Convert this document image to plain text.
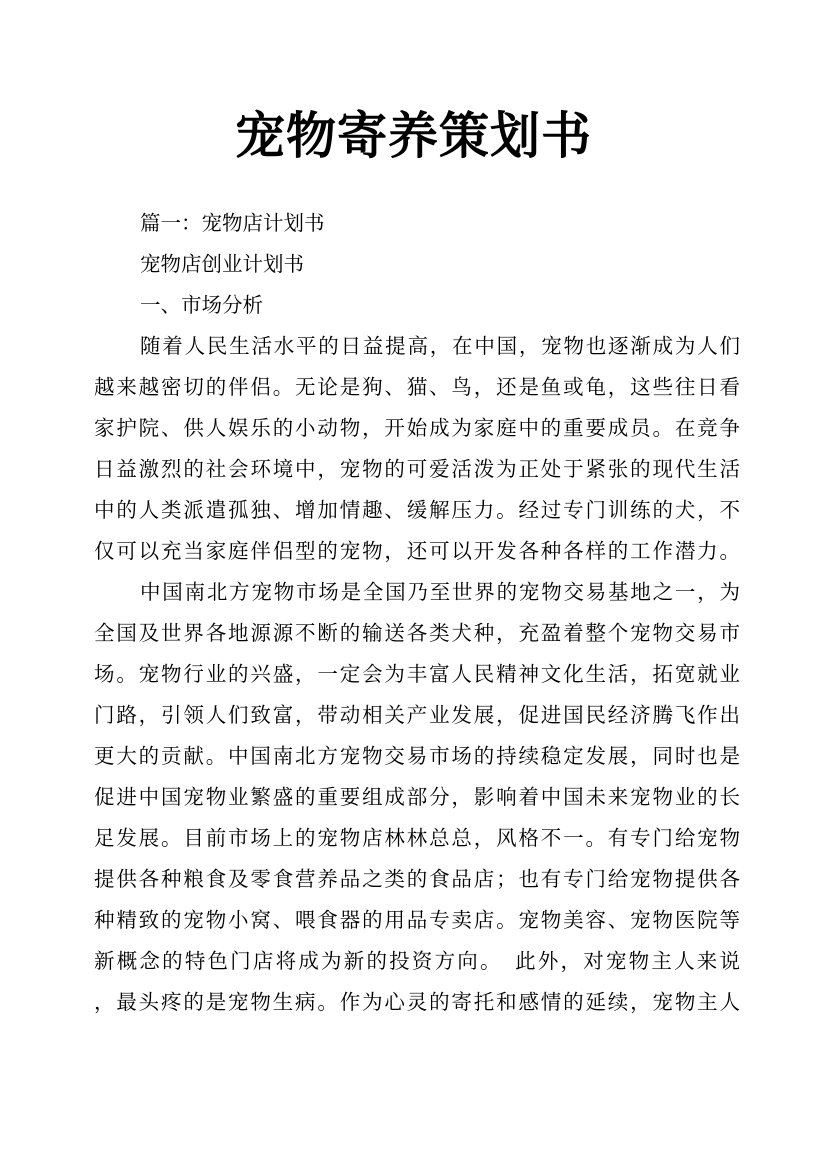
宠物寄养策划书
篇一：宠物店计划书
宠物店创业计划书
一、市场分析
随着人民生活水平的日益提高，在中国，宠物也逐渐成为人们
越来越密切的伴侣。无论是狗、猫、鸟，还是鱼或龟，这些往日看
家护院、供人娱乐的小动物，开始成为家庭中的重要成员。在竞争
日益激烈的社会环境中，宠物的可爱活泼为正处于紧张的现代生活
中的人类派遣孤独、增加情趣、缓解压力。经过专门训练的犬，不
仅可以充当家庭伴侣型的宠物，还可以开发各种各样的工作潜力。
中国南北方宠物市场是全国乃至世界的宠物交易基地之一，为
全国及世界各地源源不断的输送各类犬种，充盈着整个宠物交易市
场。宠物行业的兴盛，一定会为丰富人民精神文化生活，拓宽就业
门路，引领人们致富，带动相关产业发展，促进国民经济腾飞作出
更大的贡献。中国南北方宠物交易市场的持续稳定发展，同时也是
促进中国宠物业繁盛的重要组成部分，影响着中国未来宠物业的长
足发展。目前市场上的宠物店林林总总，风格不一。有专门给宠物
提供各种粮食及零食营养品之类的食品店；也有专门给宠物提供各
种精致的宠物小窝、喂食器的用品专卖店。宠物美容、宠物医院等
新概念的特色门店将成为新的投资方向。　此外，对宠物主人来说
，最头疼的是宠物生病。作为心灵的寄托和感情的延续，宠物主人
